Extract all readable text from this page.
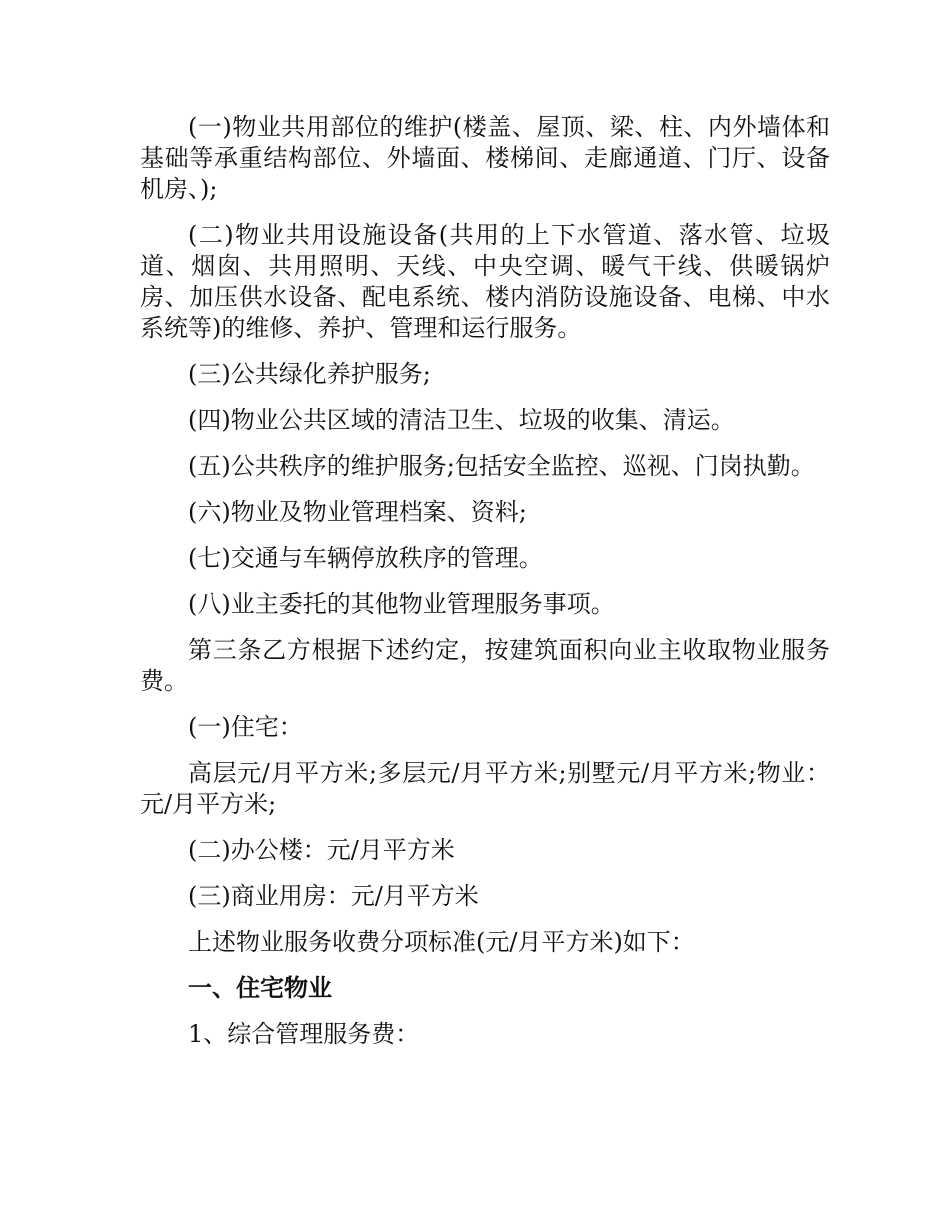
(一)物业共用部位的维护(楼盖、屋顶、梁、柱、内外墙体和基础等承重结构部位、外墙面、楼梯间、走廊通道、门厅、设备机房、);

(二)物业共用设施设备(共用的上下水管道、落水管、垃圾道、烟囱、共用照明、天线、中央空调、暖气干线、供暖锅炉房、加压供水设备、配电系统、楼内消防设施设备、电梯、中水系统等)的维修、养护、管理和运行服务。

(三)公共绿化养护服务;

(四)物业公共区域的清洁卫生、垃圾的收集、清运。

(五)公共秩序的维护服务;包括安全监控、巡视、门岗执勤。

(六)物业及物业管理档案、资料;

(七)交通与车辆停放秩序的管理。

(八)业主委托的其他物业管理服务事项。

第三条乙方根据下述约定，按建筑面积向业主收取物业服务费。

(一)住宅：

高层元/月平方米;多层元/月平方米;别墅元/月平方米;物业：元/月平方米;

(二)办公楼：元/月平方米

(三)商业用房：元/月平方米

上述物业服务收费分项标准(元/月平方米)如下：

一、住宅物业

1、综合管理服务费：
